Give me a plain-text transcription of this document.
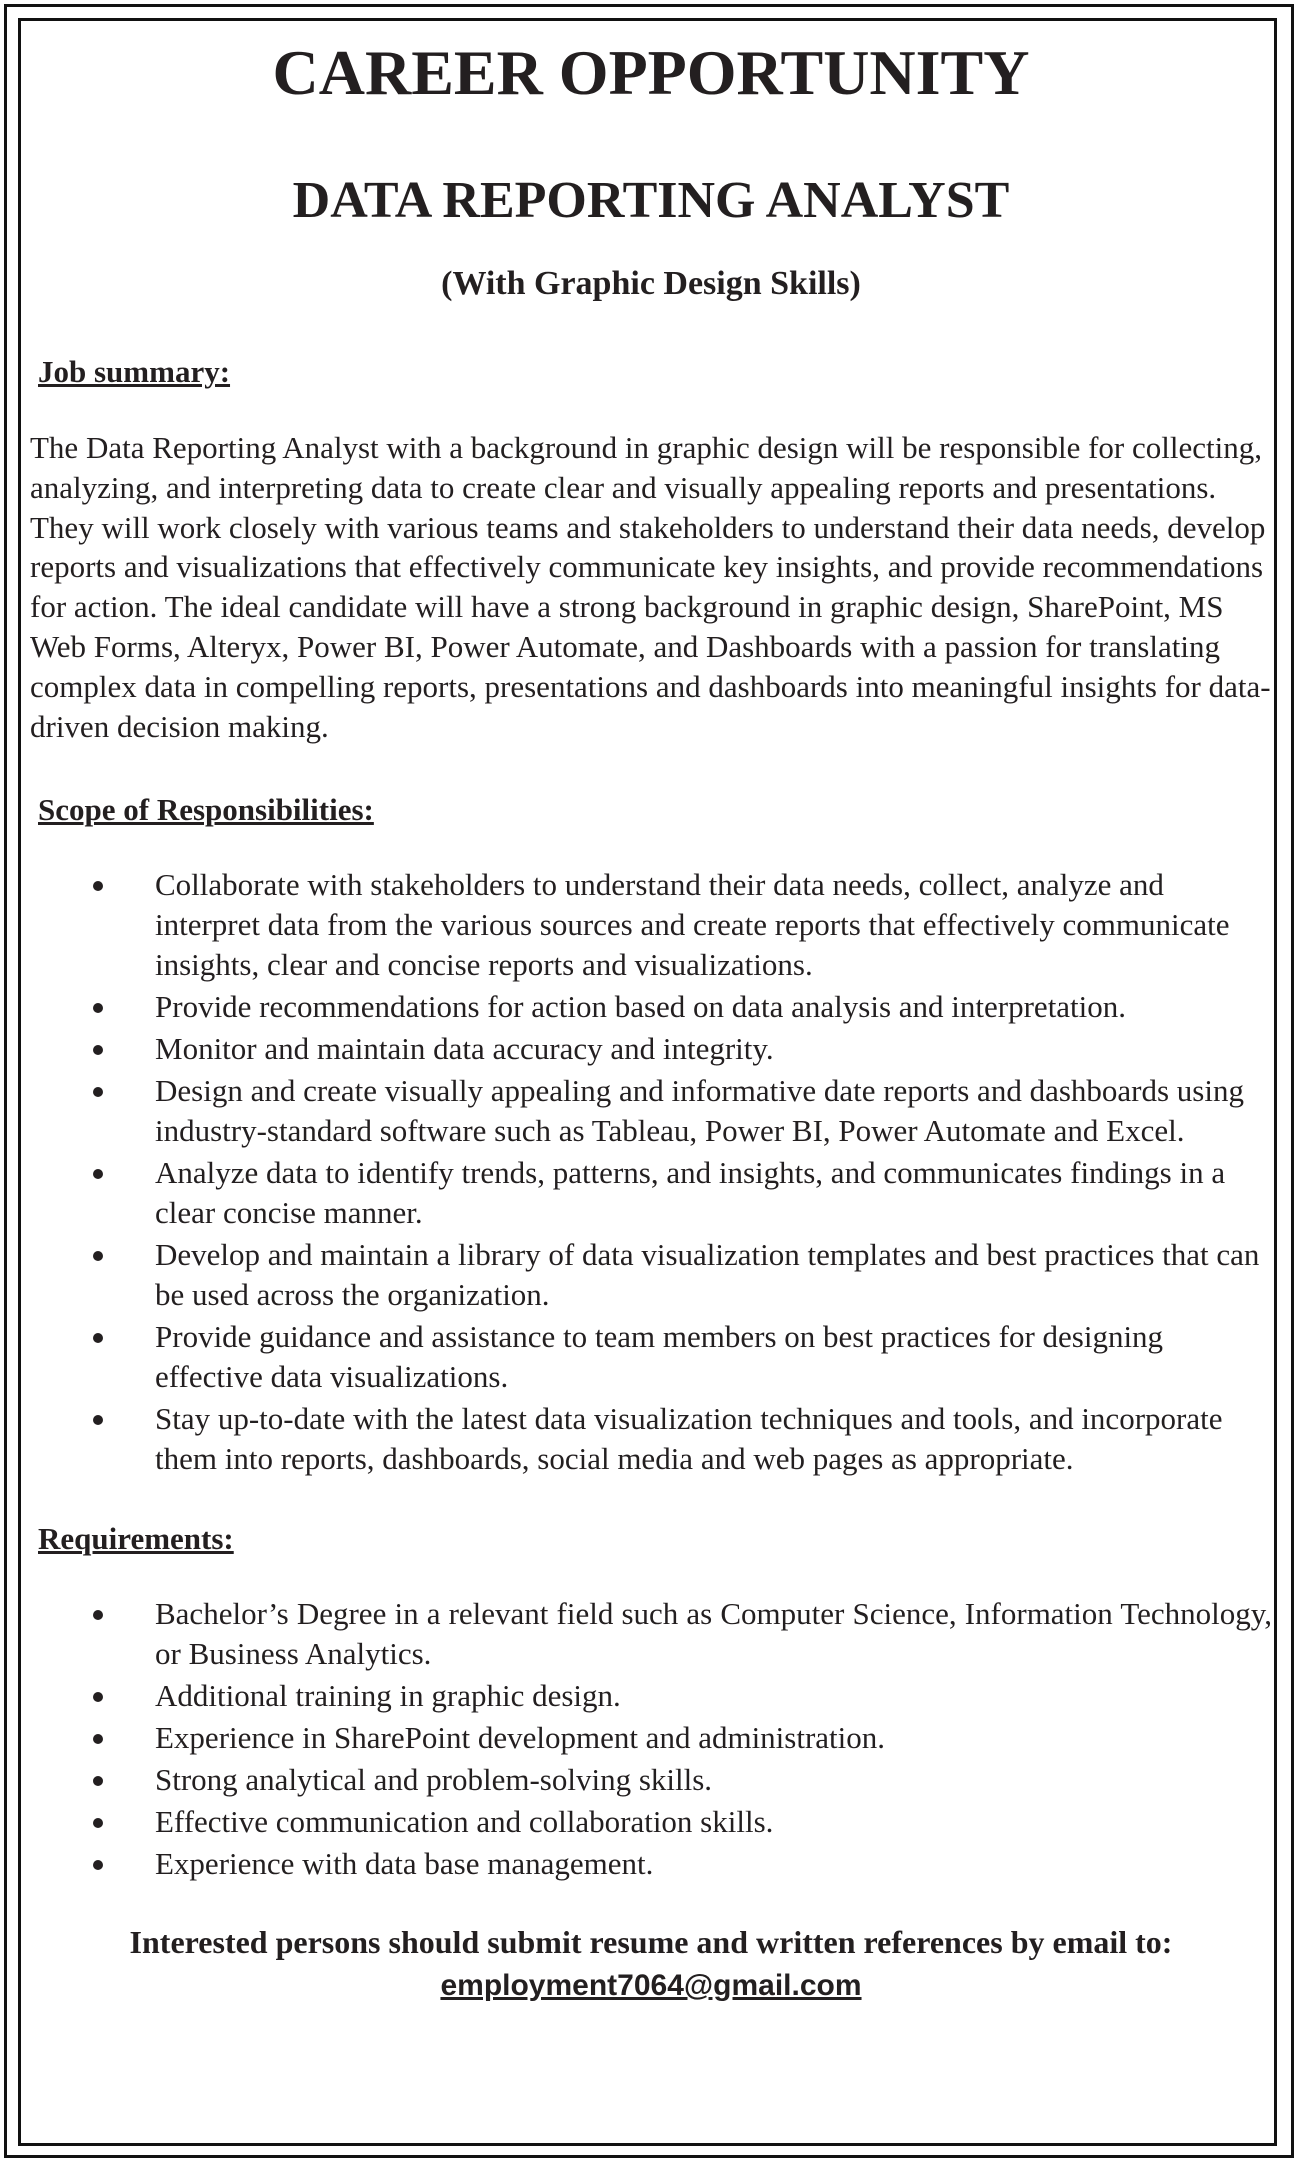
CAREER OPPORTUNITY
DATA REPORTING ANALYST
(With Graphic Design Skills)
Job summary:
The Data Reporting Analyst with a background in graphic design will be responsible for collecting, analyzing, and interpreting data to create clear and visually appealing reports and presentations. They will work closely with various teams and stakeholders to understand their data needs, develop reports and visualizations that effectively communicate key insights, and provide recommendations for action. The ideal candidate will have a strong background in graphic design, SharePoint, MS Web Forms, Alteryx, Power BI, Power Automate, and Dashboards with a passion for translating complex data in compelling reports, presentations and dashboards into meaningful insights for data-driven decision making.
Scope of Responsibilities:
Collaborate with stakeholders to understand their data needs, collect, analyze and interpret data from the various sources and create reports that effectively communicate insights, clear and concise reports and visualizations.
Provide recommendations for action based on data analysis and interpretation.
Monitor and maintain data accuracy and integrity.
Design and create visually appealing and informative date reports and dashboards using industry-standard software such as Tableau, Power BI, Power Automate and Excel.
Analyze data to identify trends, patterns, and insights, and communicates findings in a clear concise manner.
Develop and maintain a library of data visualization templates and best practices that can be used across the organization.
Provide guidance and assistance to team members on best practices for designing effective data visualizations.
Stay up-to-date with the latest data visualization techniques and tools, and incorporate them into reports, dashboards, social media and web pages as appropriate.
Requirements:
Bachelor’s Degree in a relevant field such as Computer Science, Information Technology, or Business Analytics.
Additional training in graphic design.
Experience in SharePoint development and administration.
Strong analytical and problem-solving skills.
Effective communication and collaboration skills.
Experience with data base management.
Interested persons should submit resume and written references by email to:
employment7064@gmail.com
